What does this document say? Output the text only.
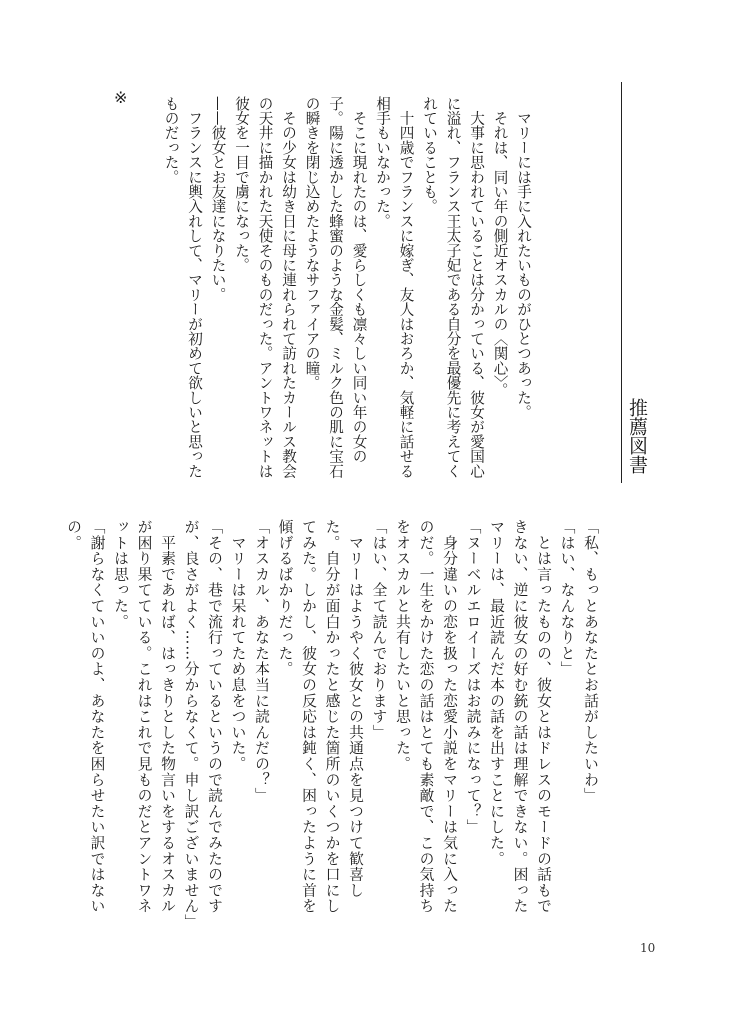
推薦図書
　マリーには手に入れたいものがひとつあった。
　それは、同い年の側近オスカルの〈関心〉。
　大事に思われていることは分かっている、彼女が愛国心に溢れ、フランス王太子妃である自分を最優先に考えてくれていることも。
　十四歳でフランスに嫁ぎ、友人はおろか、気軽に話せる相手もいなかった。
　そこに現れたのは、愛らしくも凛々しい同い年の女の子。陽に透かした蜂蜜のような金髪、ミルク色の肌に宝石の瞬きを閉じ込めたようなサファイアの瞳。
　その少女は幼き日に母に連れられて訪れたカールス教会の天井に描かれた天使そのものだった。アントワネットは彼女を一目で虜になった。
——彼女とお友達になりたい。
　フランスに輿入れして、マリーが初めて欲しいと思ったものだった。
※
「私、もっとあなたとお話がしたいわ」
「はい、なんなりと」
　とは言ったものの、彼女とはドレスのモードの話もできない、逆に彼女の好む銃の話は理解できない。困ったマリーは、最近読んだ本の話を出すことにした。
「ヌーベルエロイーズはお読みになって？」
　身分違いの恋を扱った恋愛小説をマリーは気に入ったのだ。一生をかけた恋の話はとても素敵で、この気持ちをオスカルと共有したいと思った。
「はい、全て読んでおります」
　マリーはようやく彼女との共通点を見つけて歓喜した。自分が面白かったと感じた箇所のいくつかを口にしてみた。しかし、彼女の反応は鈍く、困ったように首を傾げるばかりだった。
「オスカル、あなた本当に読んだの？」
　マリーは呆れてため息をついた。
「その、巷で流行っているというので読んでみたのですが、良さがよく……分からなくて。申し訳ございません」
　平素であれば、はっきりとした物言いをするオスカルが困り果てている。これはこれで見ものだとアントワネットは思った。
「謝らなくていいのよ、あなたを困らせたい訳ではないの。
10
